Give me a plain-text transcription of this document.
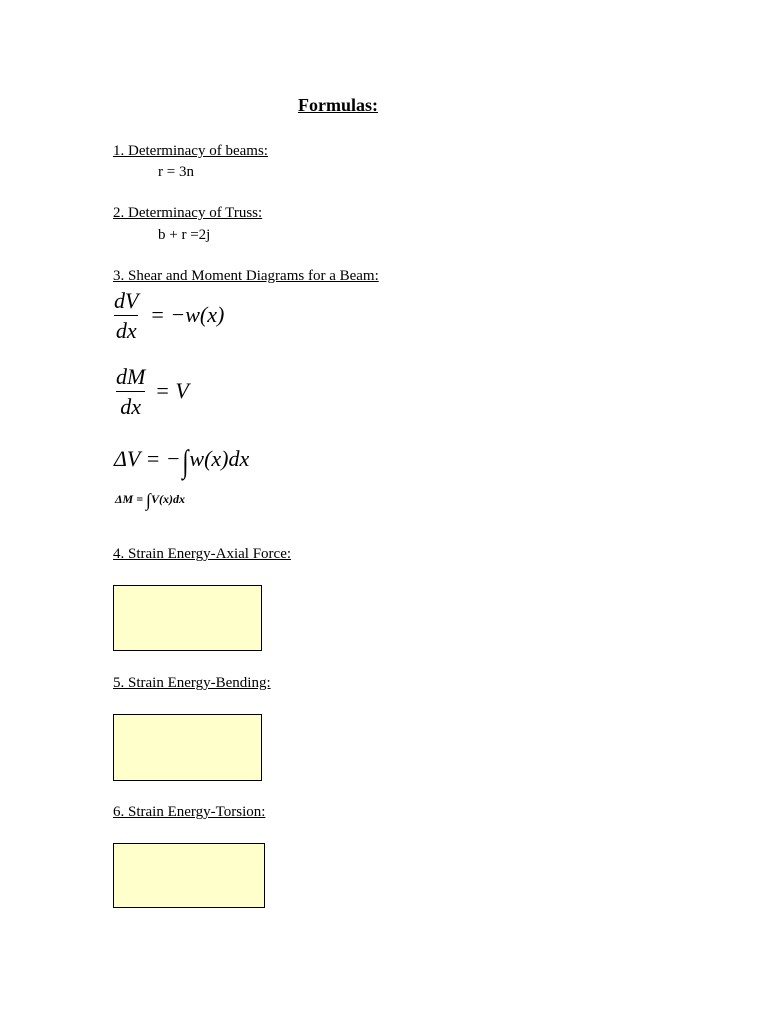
Formulas:
1. Determinacy of beams:
r = 3n
2. Determinacy of Truss:
b + r =2j
3. Shear and Moment Diagrams for a Beam:
dV
dx
= −w(x)
dM
dx
= V
ΔV = −∫w(x)dx
ΔM = ∫V(x)dx
4. Strain Energy-Axial Force:
5. Strain Energy-Bending:
6. Strain Energy-Torsion:
